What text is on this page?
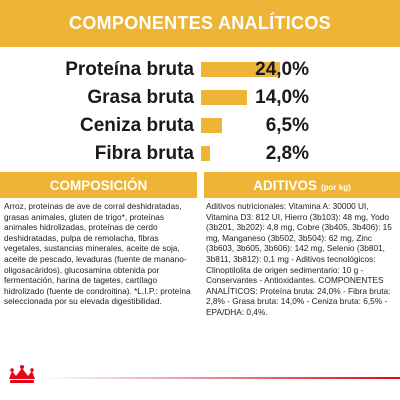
COMPONENTES ANALÍTICOS
Proteína bruta	24,0%
Grasa bruta	14,0%
Ceniza bruta	6,5%
Fibra bruta	2,8%
COMPOSICIÓN	ADITIVOS (por kg)
Arroz, proteínas de ave de corral deshidratadas, grasas animales, gluten de trigo*, proteínas animales hidrolizadas, proteínas de cerdo deshidratadas, pulpa de remolacha, fibras vegetales, sustancias minerales, aceite de soja, aceite de pescado, levaduras (fuente de manano-oligosacáridos), glucosamina obtenida por fermentación, harina de tagetes, cartílago hidrolizado (fuente de condroitina). *L.I.P.: proteína seleccionada por su elevada digestibilidad.
Aditivos nutricionales: Vitamina A: 30000 UI, Vitamina D3: 812 UI, Hierro (3b103): 48 mg, Yodo (3b201, 3b202): 4,8 mg, Cobre (3b405, 3b406): 15 mg, Manganeso (3b502, 3b504): 62 mg, Zinc (3b603, 3b605, 3b606): 142 mg, Selenio (3b801, 3b811, 3b812): 0,1 mg - Aditivos tecnológicos: Clinoptilolita de origen sedimentario: 10 g - Conservantes - Antioxidantes. COMPONENTES ANALÍTICOS: Proteína bruta: 24,0% - Fibra bruta: 2,8% - Grasa bruta: 14,0% - Ceniza bruta: 6,5% - EPA/DHA: 0,4%.
